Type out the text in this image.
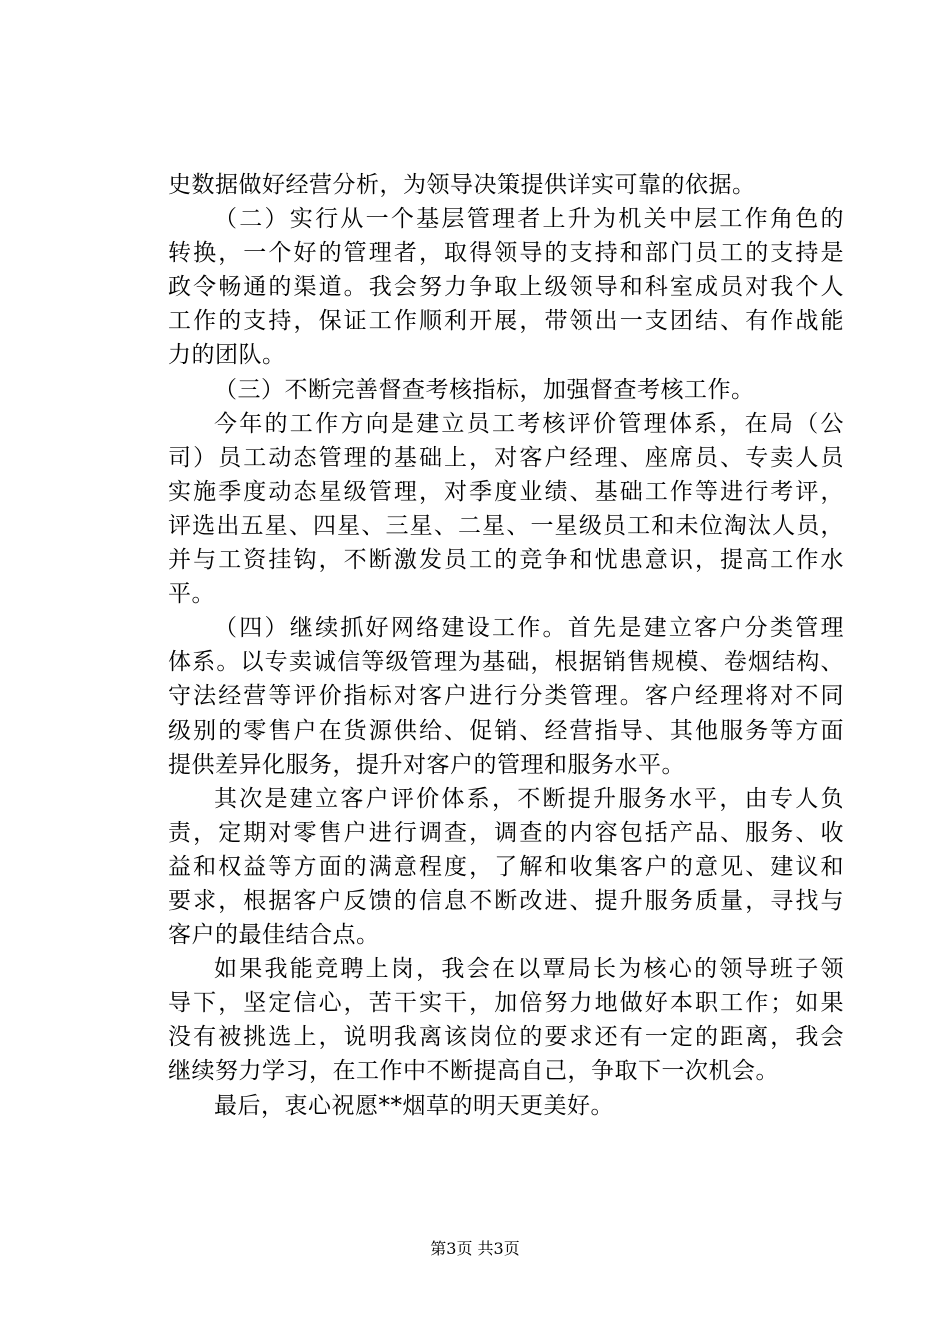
史数据做好经营分析，为领导决策提供详实可靠的依据。
（二）实行从一个基层管理者上升为机关中层工作角色的
转换，一个好的管理者，取得领导的支持和部门员工的支持是
政令畅通的渠道。我会努力争取上级领导和科室成员对我个人
工作的支持，保证工作顺利开展，带领出一支团结、有作战能
力的团队。
（三）不断完善督查考核指标，加强督查考核工作。
今年的工作方向是建立员工考核评价管理体系，在局（公
司）员工动态管理的基础上，对客户经理、座席员、专卖人员
实施季度动态星级管理，对季度业绩、基础工作等进行考评，
评选出五星、四星、三星、二星、一星级员工和未位淘汰人员，
并与工资挂钩，不断激发员工的竞争和忧患意识，提高工作水
平。
（四）继续抓好网络建设工作。首先是建立客户分类管理
体系。以专卖诚信等级管理为基础，根据销售规模、卷烟结构、
守法经营等评价指标对客户进行分类管理。客户经理将对不同
级别的零售户在货源供给、促销、经营指导、其他服务等方面
提供差异化服务，提升对客户的管理和服务水平。
其次是建立客户评价体系，不断提升服务水平，由专人负
责，定期对零售户进行调查，调查的内容包括产品、服务、收
益和权益等方面的满意程度，了解和收集客户的意见、建议和
要求，根据客户反馈的信息不断改进、提升服务质量，寻找与
客户的最佳结合点。
如果我能竞聘上岗，我会在以覃局长为核心的领导班子领
导下，坚定信心，苦干实干，加倍努力地做好本职工作；如果
没有被挑选上，说明我离该岗位的要求还有一定的距离，我会
继续努力学习，在工作中不断提高自己，争取下一次机会。
最后，衷心祝愿**烟草的明天更美好。
第3页 共3页
